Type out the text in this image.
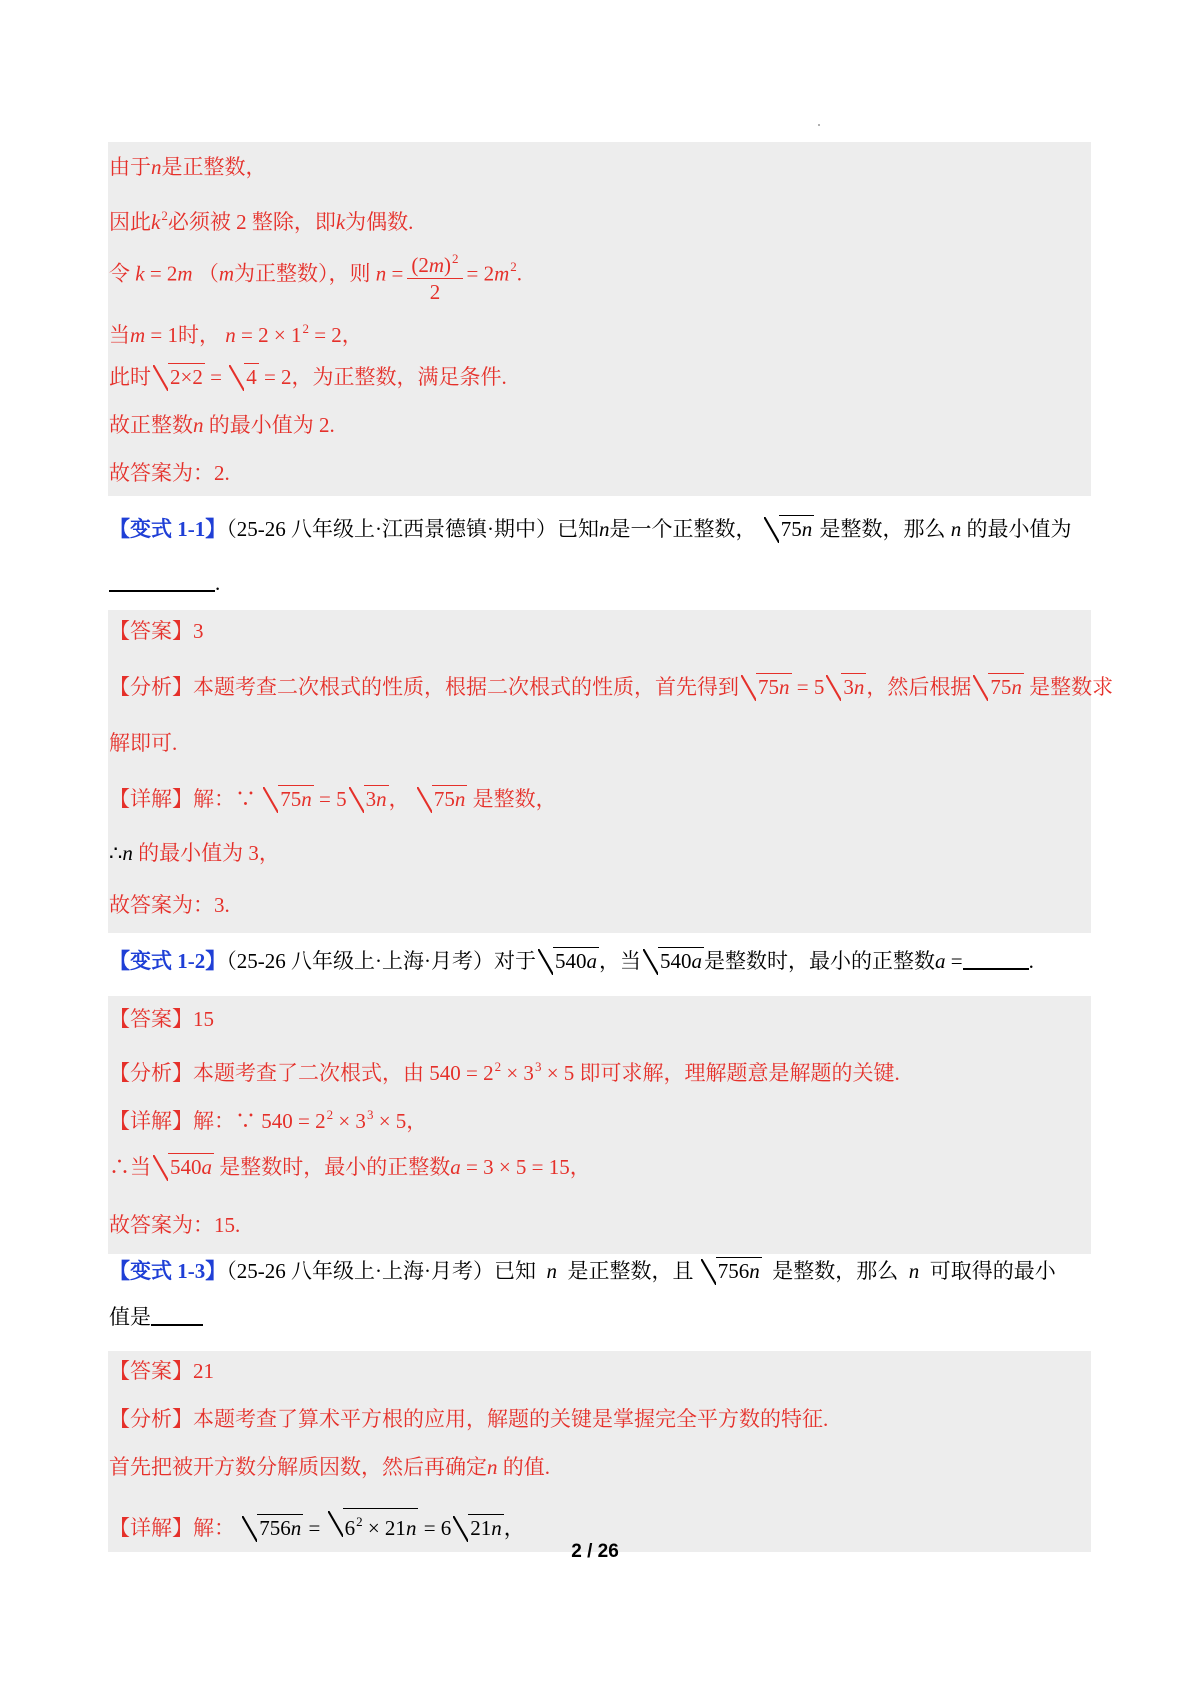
由于n是正整数，
因此$k^2$必须被 2 整除，即k为偶数.
令 k = 2m （m为正整数），则 $n = \frac{(2m)^2}{2} = 2m^2$.
当m = 1时， $n = 2 \times 1^2 = 2$，
此时 2×2 = 4 = 2，为正整数，满足条件.
故正整数n 的最小值为 2.
故答案为：2.
【变式 1-1】（25-26 八年级上·江西景德镇·期中）已知n是一个正整数， 75n 是整数，那么 n 的最小值为
.
【答案】3
【分析】本题考查二次根式的性质，根据二次根式的性质，首先得到 75n = 5 3n，然后根据 75n 是整数求
解即可.
【详解】解：∵ 75n = 5 3n， 75n 是整数，
∴n 的最小值为 3，
故答案为：3.
【变式 1-2】（25-26 八年级上·上海·月考）对于 540a，当 540a是整数时，最小的正整数a =	.
【答案】15
【分析】本题考查了二次根式，由 $540 = 2^2 \times 3^3 \times 5$ 即可求解，理解题意是解题的关键.
【详解】解：∵ $540 = 2^2 \times 3^3 \times 5$，
∴当 540a 是整数时，最小的正整数a = 3 × 5 = 15，
故答案为：15.
【变式 1-3】（25-26 八年级上·上海·月考）已知 n 是正整数，且 756n 是整数，那么 n 可取得的最小
值是
【答案】21
【分析】本题考查了算术平方根的应用，解题的关键是掌握完全平方数的特征.
首先把被开方数分解质因数，然后再确定n 的值.
【详解】解： $756n = 6^2 \times 21n = 6$ 21n，
2 / 26
